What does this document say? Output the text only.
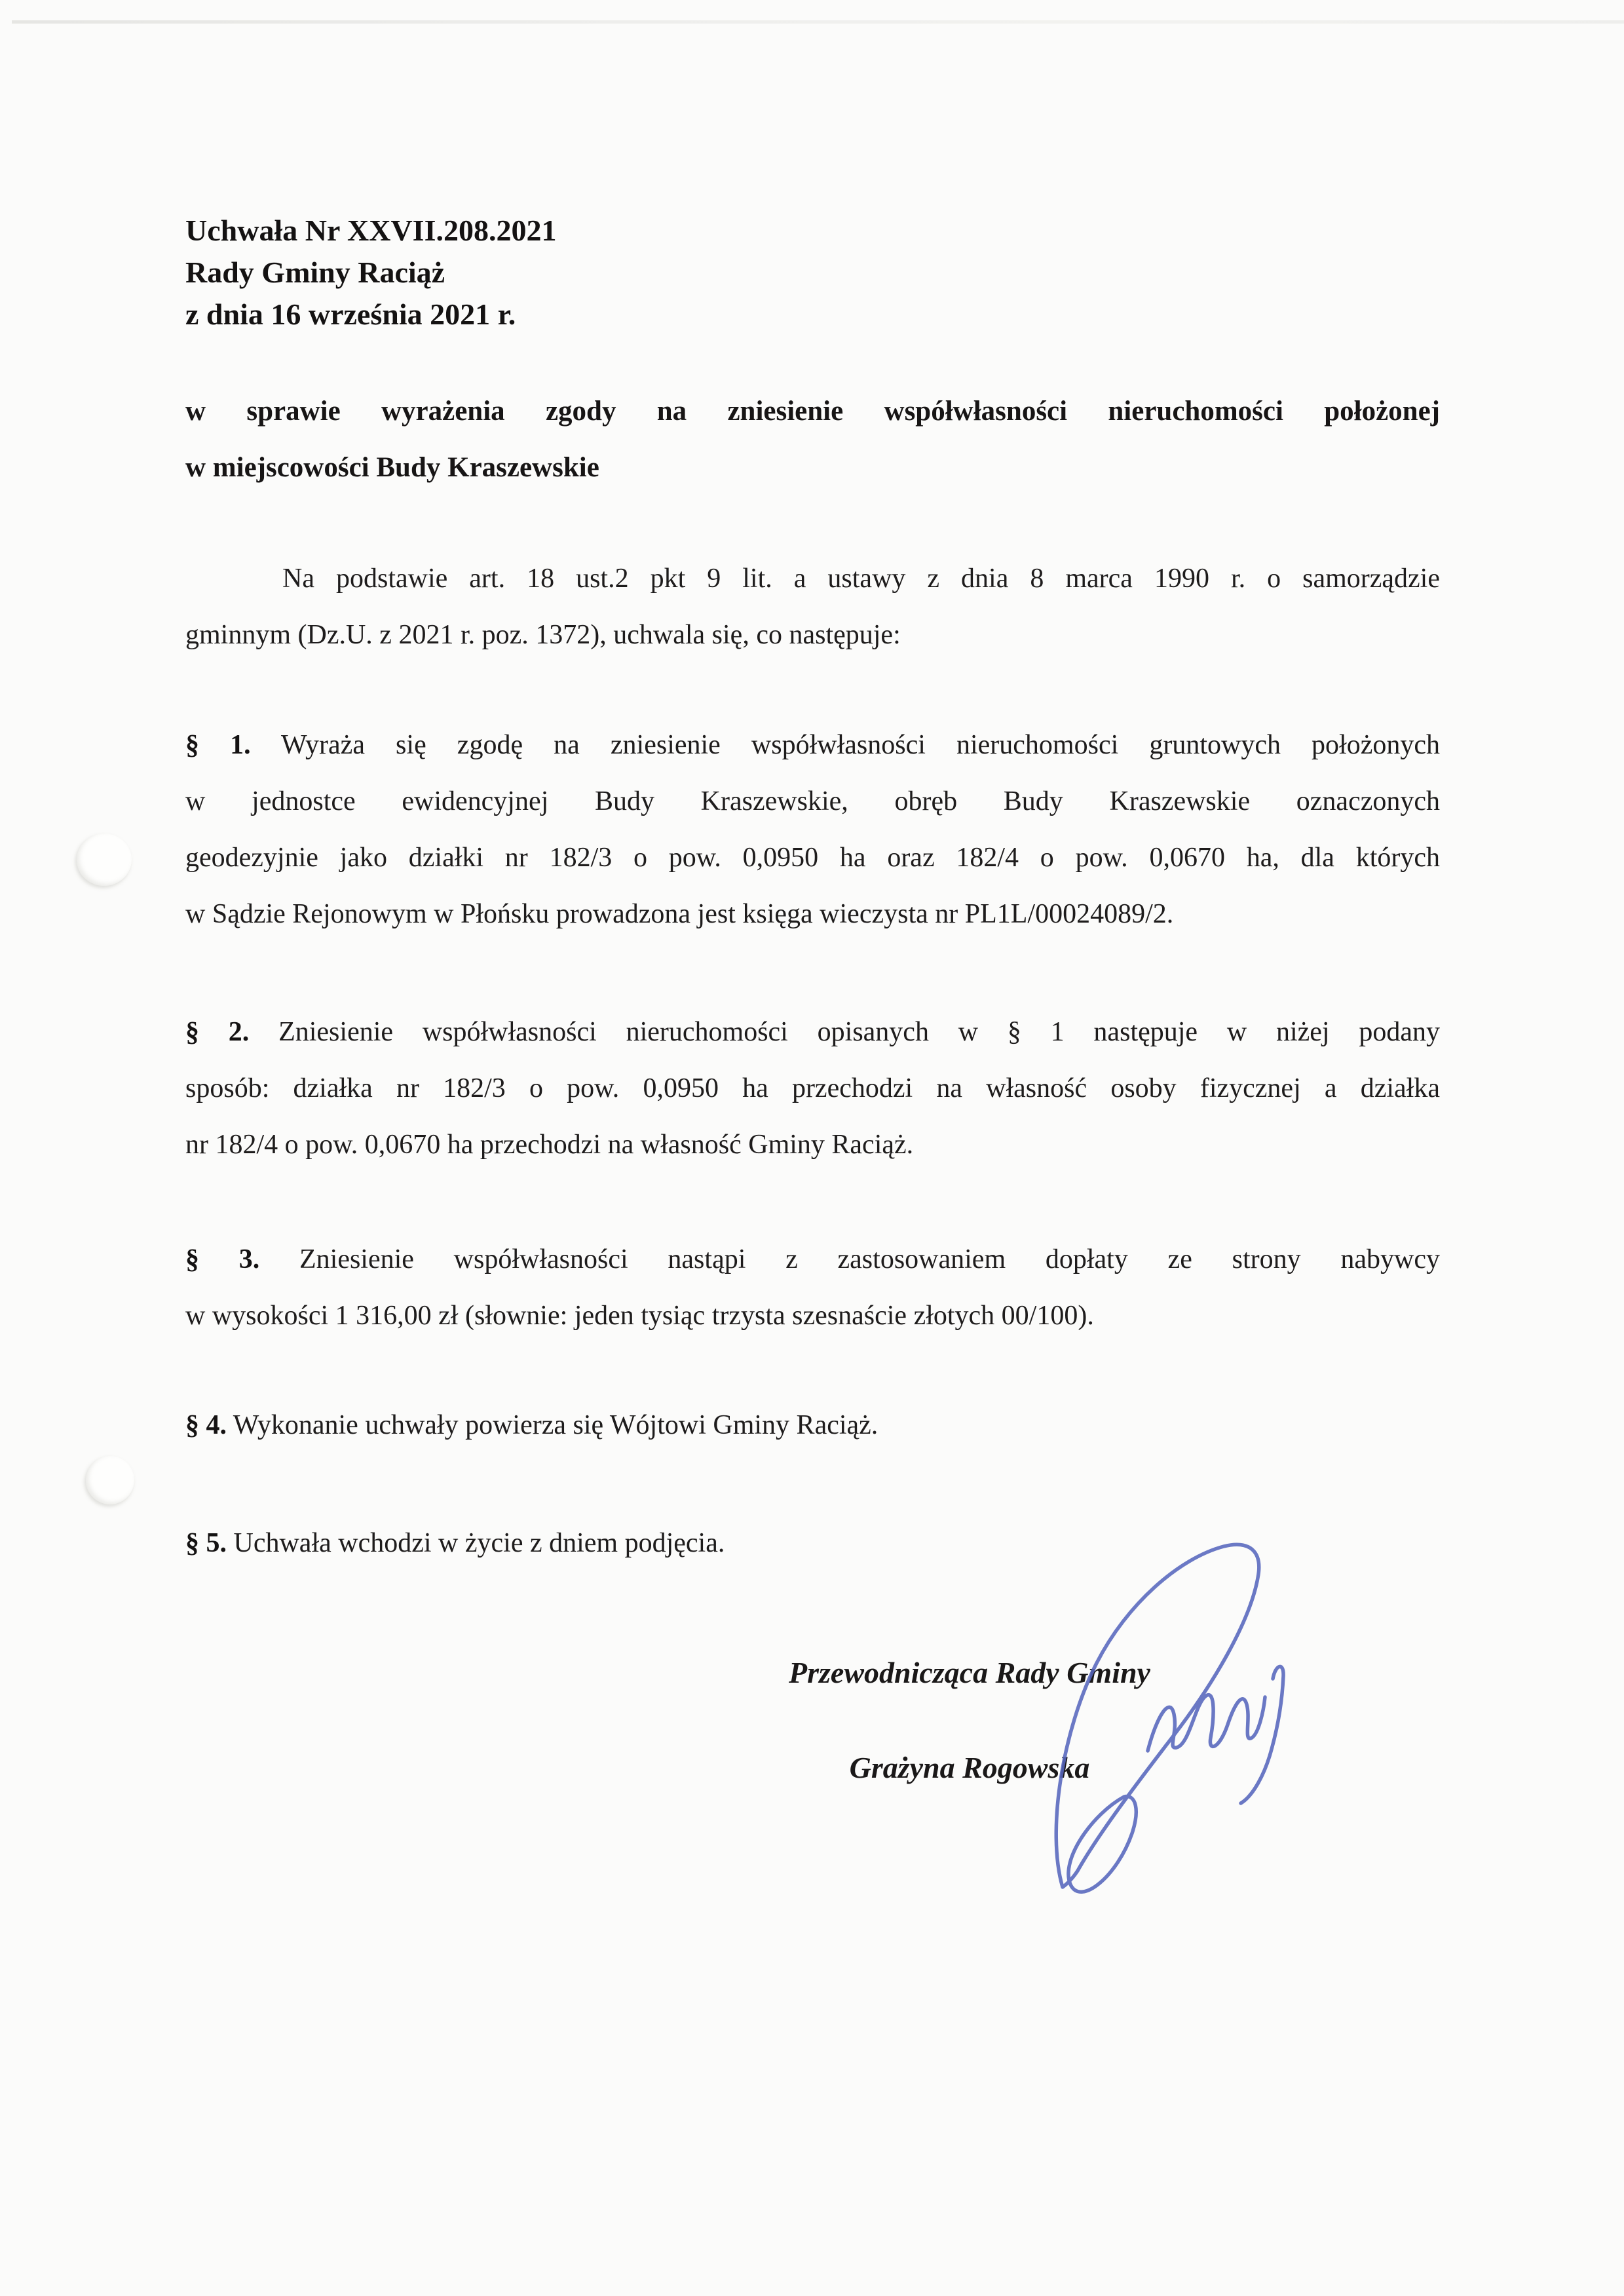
Uchwała Nr XXVII.208.2021
Rady Gminy Raciąż
z dnia 16 września 2021 r.
w sprawie wyrażenia zgody na zniesienie współwłasności nieruchomości położonej
w miejscowości Budy Kraszewskie
Na podstawie art. 18 ust.2 pkt 9 lit. a ustawy z dnia 8 marca 1990 r. o samorządzie
gminnym (Dz.U. z 2021 r. poz. 1372), uchwala się, co następuje:
§ 1. Wyraża się zgodę na zniesienie współwłasności nieruchomości gruntowych położonych
w jednostce ewidencyjnej Budy Kraszewskie, obręb Budy Kraszewskie oznaczonych
geodezyjnie jako działki nr 182/3 o pow. 0,0950 ha oraz 182/4 o pow. 0,0670 ha, dla których
w Sądzie Rejonowym w Płońsku prowadzona jest księga wieczysta nr PL1L/00024089/2.
§ 2. Zniesienie współwłasności nieruchomości opisanych w § 1 następuje w niżej podany
sposób: działka nr 182/3 o pow. 0,0950 ha przechodzi na własność osoby fizycznej a działka
nr 182/4 o pow. 0,0670 ha przechodzi na własność Gminy Raciąż.
§ 3. Zniesienie współwłasności nastąpi z zastosowaniem dopłaty ze strony nabywcy
w wysokości 1 316,00 zł (słownie: jeden tysiąc trzysta szesnaście złotych 00/100).
§ 4. Wykonanie uchwały powierza się Wójtowi Gminy Raciąż.
§ 5. Uchwała wchodzi w życie z dniem podjęcia.
Przewodnicząca Rady Gminy
Grażyna Rogowska
